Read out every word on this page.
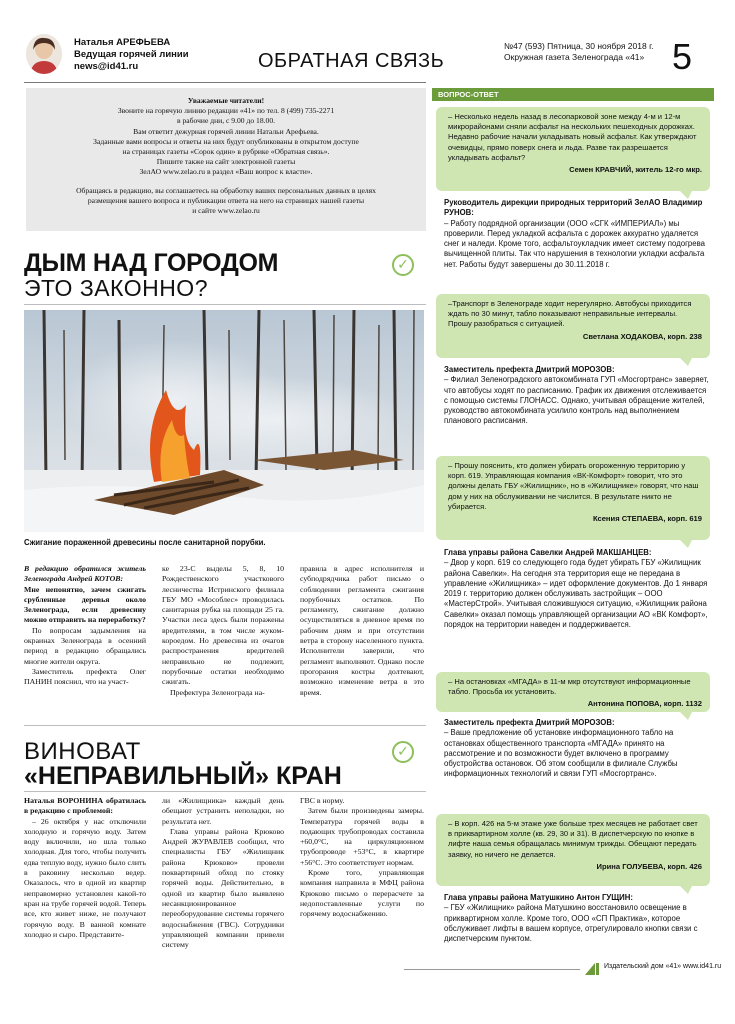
Наталья АРЕФЬЕВА
Ведущая горячей линии
news@id41.ru	ОБРАТНАЯ СВЯЗЬ
№47 (593) Пятница, 30 ноября 2018 г.
Окружная газета Зеленограда «41» 5
Уважаемые читатели!
Звоните на горячую линию редакции «41» по тел. 8 (499) 735-2271
в рабочие дни, с 9.00 до 18.00.
Вам ответит дежурная горячей линии Натальи Арефьева.
Заданные вами вопросы и ответы на них будут опубликованы в открытом доступе
на страницах газеты «Сорок один» в рубрике «Обратная связь».
Пишите также на сайт электронной газеты
ЗелАО www.zelao.ru в раздел «Ваш вопрос к власти».
Обращаясь в редакцию, вы соглашаетесь на обработку ваших персональных данных в целях
размещения вашего вопроса и публикации ответа на него на страницах нашей газеты
и сайте www.zelao.ru
ДЫМ НАД ГОРОДОМ
ЭТО ЗАКОННО?
✓
Сжигание пораженной древесины после санитарной порубки.

В редакцию обратился житель Зеленограда Андрей КОТОВ:

Мне непонятно, зачем сжигать срубленные деревья около Зеленограда, если древесину можно отправить на переработку?

По вопросам задымления на окраинах Зеленограда в осенний период в редакцию обращались многие жители округа.

Заместитель префекта Олег ПАНИН пояснил, что на участ-

ке 23-С выделы 5, 8, 10 Рождественского участкового лесничества Истринского филиала ГБУ МО «Мособлес» проводилась санитарная рубка на площади 25 га. Участки леса здесь были поражены вредителями, в том числе жуком-короедом. Но древесина из очагов распространения вредителей неправильно не подлежит, порубочные остатки необходимо сжигать.

Префектура Зеленограда на-

правила в адрес исполнителя и субподрядчика работ письмо о соблюдении регламента сжигания порубочных остатков. По регламенту, сжигание должно осуществляться в дневное время по рабочим дням и при отсутствии ветра в сторону населенного пункта. Исполнители заверили, что регламент выполняют. Однако после прогорания костры долтевают, возможно изменение ветра в это время.

ВИНОВАТ
«НЕПРАВИЛЬНЫЙ» КРАН
✓

Наталья ВОРОНИНА обратилась в редакцию с проблемой:

– 26 октября у нас отключили холодную и горячую воду. Затем воду включили, но шла только холодная. Для того, чтобы получить едва теплую воду, нужно было слить в раковину несколько ведер. Оказалось, что в одной из квартир неправомерно установлен какой-то кран на трубе горячей водой. Теперь все, кто живет ниже, не получают горячую воду. В ванной комнате холодно и сыро. Представите-

ли «Жилищника» каждый день обещают устранить неполадки, но результата нет.

Глава управы района Крюково Андрей ЖУРАВЛЕВ сообщил, что специалисты ГБУ «Жилищник района Крюково» провели поквартирный обход по стояку горячей воды. Действительно, в одной из квартир было выявлено несанкционированное переоборудование системы горячего водоснабжения (ГВС). Сотрудники управляющей компании привели систему

ГВС в норму.

Затем были произведены замеры. Температура горячей воды в подающих трубопроводах составила +60,0°С, на циркуляционном трубопроводе +53°С, в квартире +56°С. Это соответствует нормам.

Кроме того, управляющая компания направила в МФЦ района Крюково письмо о перерасчете за недопоставленные услуги по горячему водоснабжению.

ВОПРОС-ОТВЕТ
– Несколько недель назад в лесопарковой зоне между 4-м и 12-м микрорайонами сняли асфальт на нескольких пешеходных дорожках. Недавно рабочие начали укладывать новый асфальт. Как утверждают очевидцы, прямо поверх снега и льда. Разве так разрешается укладывать асфальт?
Семен КРАВЧИЙ, житель 12-го мкр.
Руководитель дирекции природных территорий ЗелАО Владимир РУНОВ:
– Работу подрядной организации (ООО «СГК «ИМПЕРИАЛ») мы проверили. Перед укладкой асфальта с дорожек аккуратно удаляется снег и наледи. Кроме того, асфальтоукладчик имеет систему подогрева вычищенной плиты. Так что нарушения в технологии укладки асфальта нет. Работы будут завершены до 30.11.2018 г.
–Транспорт в Зеленограде ходит нерегулярно. Автобусы приходится ждать по 30 минут, табло показывают неправильные интервалы. Прошу разобраться с ситуацией.
Светлана ХОДАКОВА, корп. 238
Заместитель префекта Дмитрий МОРОЗОВ:
– Филиал Зеленоградского автокомбината ГУП «Мосгортранс» заверяет, что автобусы ходят по расписанию. График их движения отслеживается с помощью системы ГЛОНАСС. Однако, учитывая обращение жителей, руководство автокомбината усилило контроль над выполнением планового расписания.
– Прошу пояснить, кто должен убирать огороженную территорию у корп. 619. Управляющая компания «ВК-Комфорт» говорит, что это должны делать ГБУ «Жилищник», но в «Жилищнике» говорят, что наш дом у них на обслуживании не числится. В результате никто не убирается.
Ксения СТЕПАЕВА, корп. 619
Глава управы района Савелки Андрей МАКШАНЦЕВ:
– Двор у корп. 619 со следующего года будет убирать ГБУ «Жилищник района Савелки». На сегодня эта территория еще не передана в управление «Жилищника» – идет оформление документов. До 1 января 2019 г. территорию должен обслуживать застройщик – ООО «МастерСтрой». Учитывая сложившуюся ситуацию, «Жилищник района Савелки» оказал помощь управляющей организации АО «ВК Комфорт», порядок на территории наведен и поддерживается.
– На остановках «МГАДА» в 11-м мкр отсутствуют информационные табло. Просьба их установить.
Антонина ПОПОВА, корп. 1132
Заместитель префекта Дмитрий МОРОЗОВ:
– Ваше предложение об установке информационного табло на остановках общественного транспорта «МГАДА» принято на рассмотрение и по возможности будет включено в программу обустройства остановок. Об этом сообщили в филиале Службы информационных технологий и связи ГУП «Мосгортранс».
– В корп. 426 на 5-м этаже уже больше трех месяцев не работает свет в приквартирном холле (кв. 29, 30 и 31). В диспетчерскую по кнопке в лифте наша семья обращалась минимум трижды. Обещают передать заявку, но ничего не делается.
Ирина ГОЛУБЕВА, корп. 426
Глава управы района Матушкино Антон ГУЩИН:
– ГБУ «Жилищник» района Матушкино восстановило освещение в приквартирном холле. Кроме того, ООО «СП Практика», которое обслуживает лифты в вашем корпусе, отрегулировало кнопки связи с диспетчерским пунктом.
Издательский дом «41» www.id41.ru
